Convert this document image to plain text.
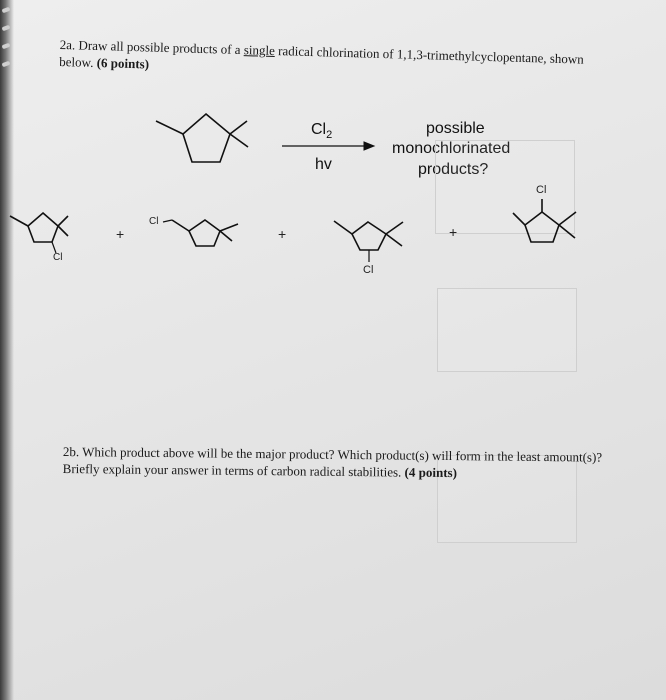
2a. Draw all possible products of a single radical chlorination of 1,1,3-trimethylcyclopentane, shown below. (6 points)
$Cl_2$
hv
possible
monochlorinated
products?
Cl
Cl
Cl
Cl
+	+	+
2b. Which product above will be the major product? Which product(s) will form in the least amount(s)? Briefly explain your answer in terms of carbon radical stabilities. (4 points)
